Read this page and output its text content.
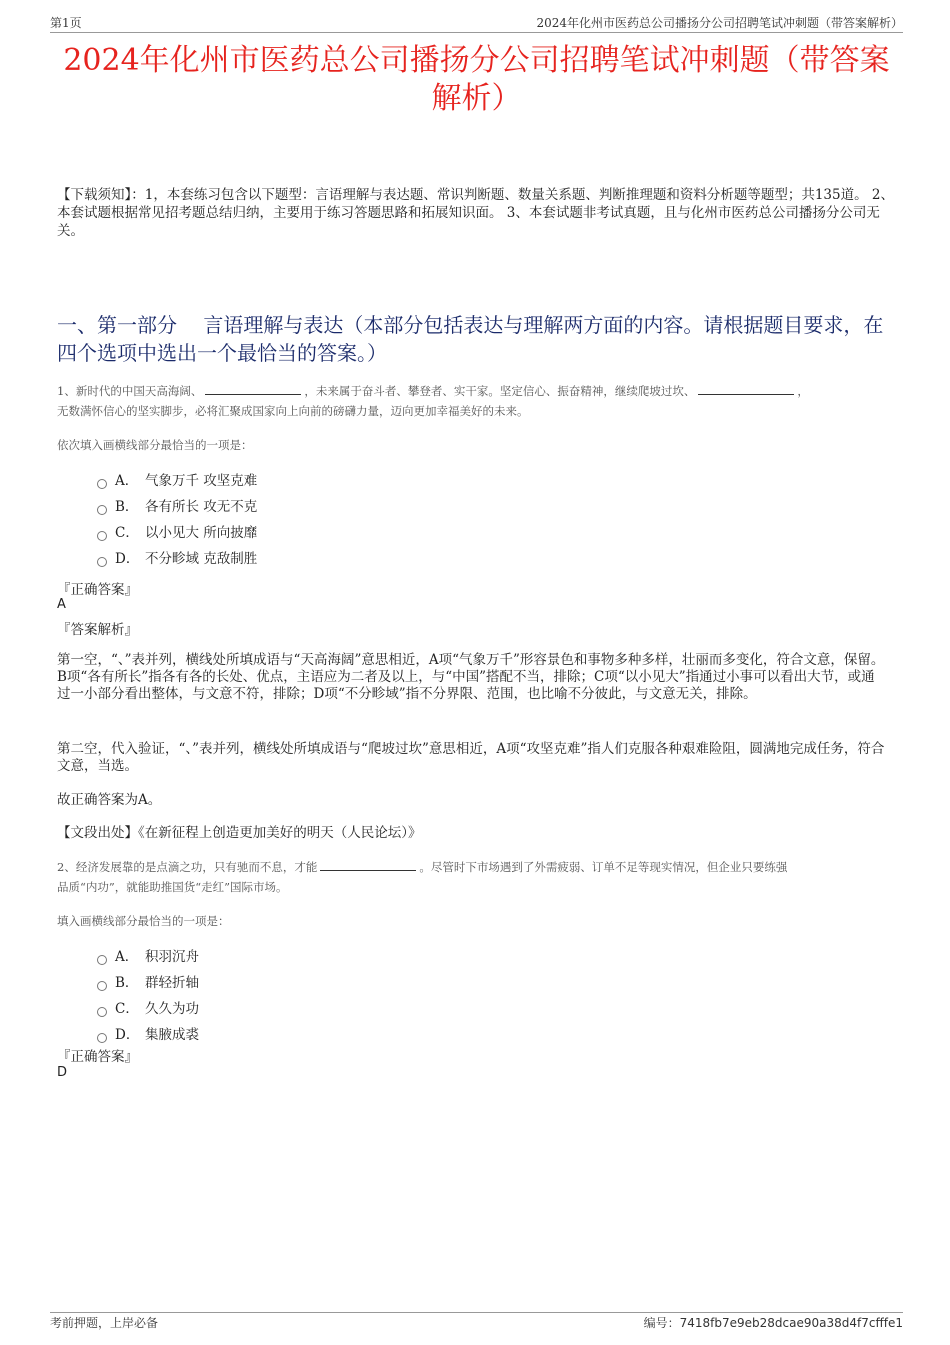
第1页	2024年化州市医药总公司播扬分公司招聘笔试冲刺题（带答案解析）
2024年化州市医药总公司播扬分公司招聘笔试冲刺题（带答案
解析）
【下载须知】：1，本套练习包含以下题型：言语理解与表达题、常识判断题、数量关系题、判断推理题和资料分析题等题型；共135道。 2、本套试题根据常见招考题总结归纳，主要用于练习答题思路和拓展知识面。 3、本套试题非考试真题，且与化州市医药总公司播扬分公司无关。
一、第一部分　 言语理解与表达（本部分包括表达与理解两方面的内容。请根据题目要求，在四个选项中选出一个最恰当的答案。）
1、新时代的中国天高海阔、	，未来属于奋斗者、攀登者、实干家。坚定信心、振奋精神，继续爬坡过坎、	，
无数满怀信心的坚实脚步，必将汇聚成国家向上向前的磅礴力量，迈向更加幸福美好的未来。
依次填入画横线部分最恰当的一项是：
A． 气象万千 攻坚克难
B． 各有所长 攻无不克
C． 以小见大 所向披靡
D． 不分畛域 克敌制胜
『正确答案』
A
『答案解析』
第一空，“、”表并列，横线处所填成语与“天高海阔”意思相近，A项“气象万千”形容景色和事物多种多样，壮丽而多变化，符合文意，保留。B项“各有所长”指各有各的长处、优点，主语应为二者及以上，与“中国”搭配不当，排除；C项“以小见大”指通过小事可以看出大节，或通过一小部分看出整体，与文意不符，排除；D项“不分畛域”指不分界限、范围，也比喻不分彼此，与文意无关，排除。
第二空，代入验证，“、”表并列，横线处所填成语与“爬坡过坎”意思相近，A项“攻坚克难”指人们克服各种艰难险阻，圆满地完成任务，符合文意，当选。
故正确答案为A。
【文段出处】《在新征程上创造更加美好的明天（人民论坛）》
2、经济发展靠的是点滴之功，只有驰而不息，才能	。尽管时下市场遇到了外需疲弱、订单不足等现实情况，但企业只要练强
品质“内功”，就能助推国货“走红”国际市场。
填入画横线部分最恰当的一项是：
A． 积羽沉舟
B． 群轻折轴
C． 久久为功
D． 集腋成裘
『正确答案』
D
考前押题，上岸必备	编号：7418fb7e9eb28dcae90a38d4f7cfffe1
